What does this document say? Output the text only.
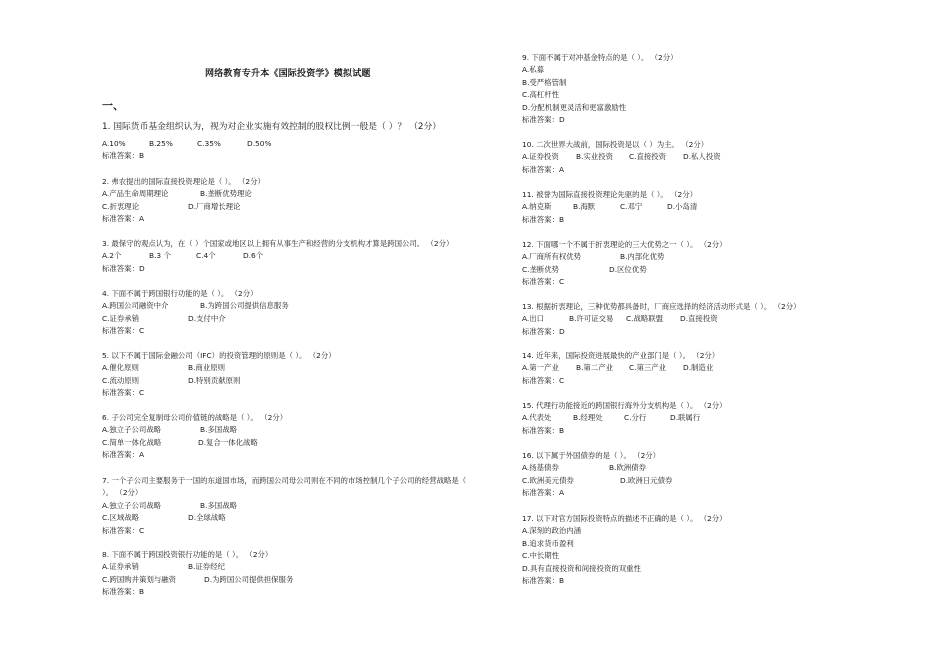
网络教育专升本《国际投资学》模拟试题
一、
1. 国际货币基金组织认为，视为对企业实施有效控制的股权比例一般是（ ）？ （2分）
A.10%	B.25%	C.35%	D.50%
标准答案：B
2. 弗农提出的国际直接投资理论是（ ）。 （2分）
A.产品生命周期理论	B.垄断优势理论
C.折衷理论	D.厂商增长理论
标准答案：A
3. 最保守的观点认为，在（ ）个国家或地区以上拥有从事生产和经营的分支机构才算是跨国公司。 （2分）
A.2个	B.3 个	C.4个	D.6个
标准答案：D
4. 下面不属于跨国银行功能的是（ ）。 （2分）
A.跨国公司融资中介	B.为跨国公司提供信息服务
C.证券承销	D.支付中介
标准答案：C
5. 以下不属于国际金融公司（IFC）的投资管理的原则是（ ）。 （2分）
A.催化原则	B.商业原则
C.流动原则	D.特别贡献原则
标准答案：C
6. 子公司完全复制母公司价值链的战略是（ ）。 （2分）
A.独立子公司战略	B.多国战略
C.简单一体化战略	D.复合一体化战略
标准答案：A
7. 一个子公司主要服务于一国的东道国市场，而跨国公司母公司则在不同的市场控制几个子公司的经营战略是（
）。 （2分）
A.独立子公司战略	B.多国战略
C.区域战略	D.全球战略
标准答案：C
8. 下面不属于跨国投资银行功能的是（ ）。 （2分）
A.证券承销	B.证券经纪
C.跨国购并策划与融资	D.为跨国公司提供担保服务
标准答案：B
9. 下面不属于对冲基金特点的是（ ）。 （2分）
A.私募
B.受严格管制
C.高杠杆性
D.分配机制更灵活和更富激励性
标准答案：D
10. 二次世界大战前，国际投资是以（ ）为主。 （2分）
A.证券投资	B.实业投资	C.直接投资	D.私人投资
标准答案：A
11. 被誉为国际直接投资理论先驱的是（ ）。 （2分）
A.纳克斯	B.海默	C.邓宁	D.小岛清
标准答案：B
12. 下面哪一个不属于折衷理论的三大优势之一（ ）。 （2分）
A.厂商所有权优势	B.内部化优势
C.垄断优势	D.区位优势
标准答案：C
13. 根据折衷理论，三种优势都具备时，厂商应选择的经济活动形式是（ ）。 （2分）
A.出口	B.许可证交易	C.战略联盟	D.直接投资
标准答案：D
14. 近年来，国际投资进展最快的产业部门是（ ）。 （2分）
A.第一产业	B.第二产业	C.第三产业	D.制造业
标准答案：C
15. 代理行功能接近的跨国银行海外分支机构是（ ）。 （2分）
A.代表处	B.经理处	C.分行	D.联属行
标准答案：B
16. 以下属于外国债券的是（ ）。 （2分）
A.扬基债券	B.欧洲债券
C.欧洲美元债券	D.欧洲日元债券
标准答案：A
17. 以下对官方国际投资特点的描述不正确的是（ ）。 （2分）
A.深刻的政治内涵
B.追求货币盈利
C.中长期性
D.具有直接投资和间接投资的双重性
标准答案：B
